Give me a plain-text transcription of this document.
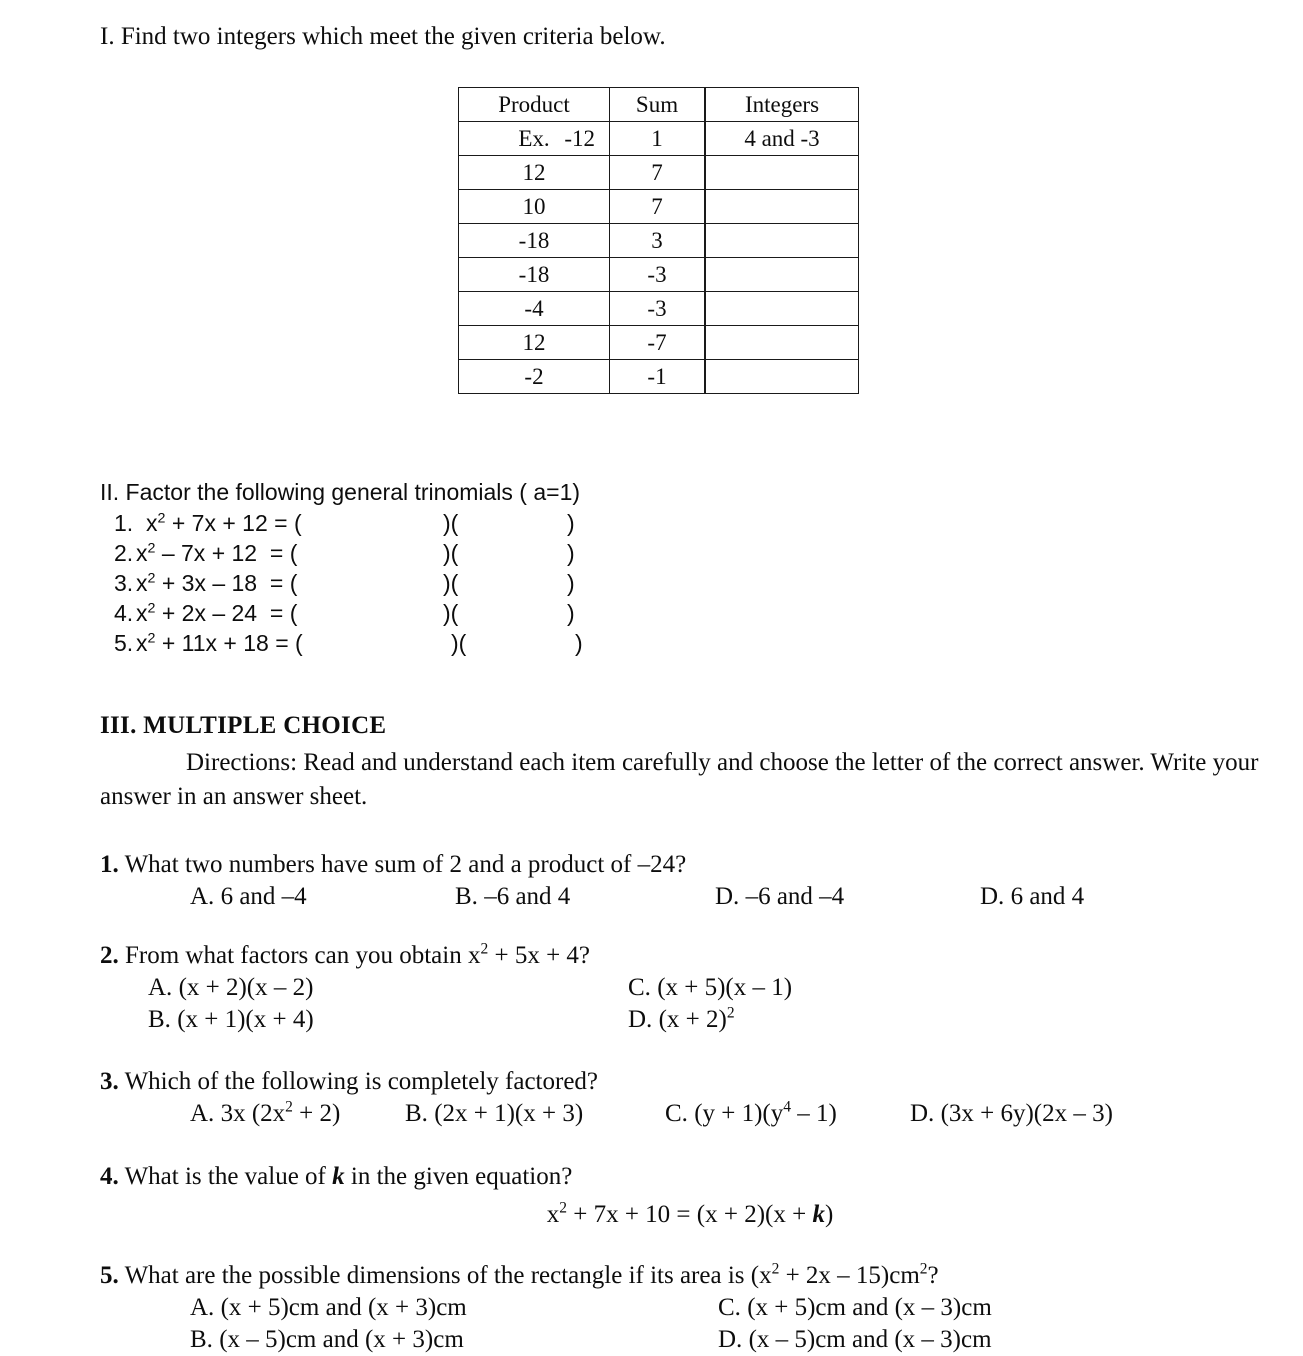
I. Find two integers which meet the given criteria below.
Product	Sum	Integers
Ex. -12	1	4 and -3
12	7	
10	7	
-18	3	
-18	-3	
-4	-3	
12	-7	
-2	-1	
II. Factor the following general trinomials ( a=1)

1.

$x^2 + 7x + 12$ = (

	)(

	)

2.

$x^2 - 7x + 12$  = (

	)(

	)

3.

$x^2 + 3x - 18$  = (

	)(

	)

4.

$x^2 + 2x - 24$  = (

	)(

	)

5.

$x^2 + 11x + 18$ = (

	)(

	)

III. MULTIPLE CHOICE
Directions: Read and understand each item carefully and choose the letter of the correct answer. Write your answer in an answer sheet.
1. What two numbers have sum of 2 and a product of –24?
A. 6 and –4	B. –6 and 4	D. –6 and –4	D. 6 and 4
2. From what factors can you obtain $x^2 + 5x + 4$?
A. (x + 2)(x – 2)	C. (x + 5)(x – 1)
B. (x + 1)(x + 4)	D. $(x + 2)^2$
3. Which of the following is completely factored?
A. 3x $(2x^2 + 2)$	B. (2x + 1)(x + 3)	C. $(y + 1)(y^4 - 1)$	D. (3x + 6y)(2x – 3)
4. What is the value of k in the given equation?
$x^2 + 7x + 10 = (x + 2)(x + k)$
5. What are the possible dimensions of the rectangle if its area is $(x^2 + 2x - 15)cm^2$?
A. (x + 5)cm and (x + 3)cm	C. (x + 5)cm and (x – 3)cm
B. (x – 5)cm and (x + 3)cm	D. (x – 5)cm and (x – 3)cm
